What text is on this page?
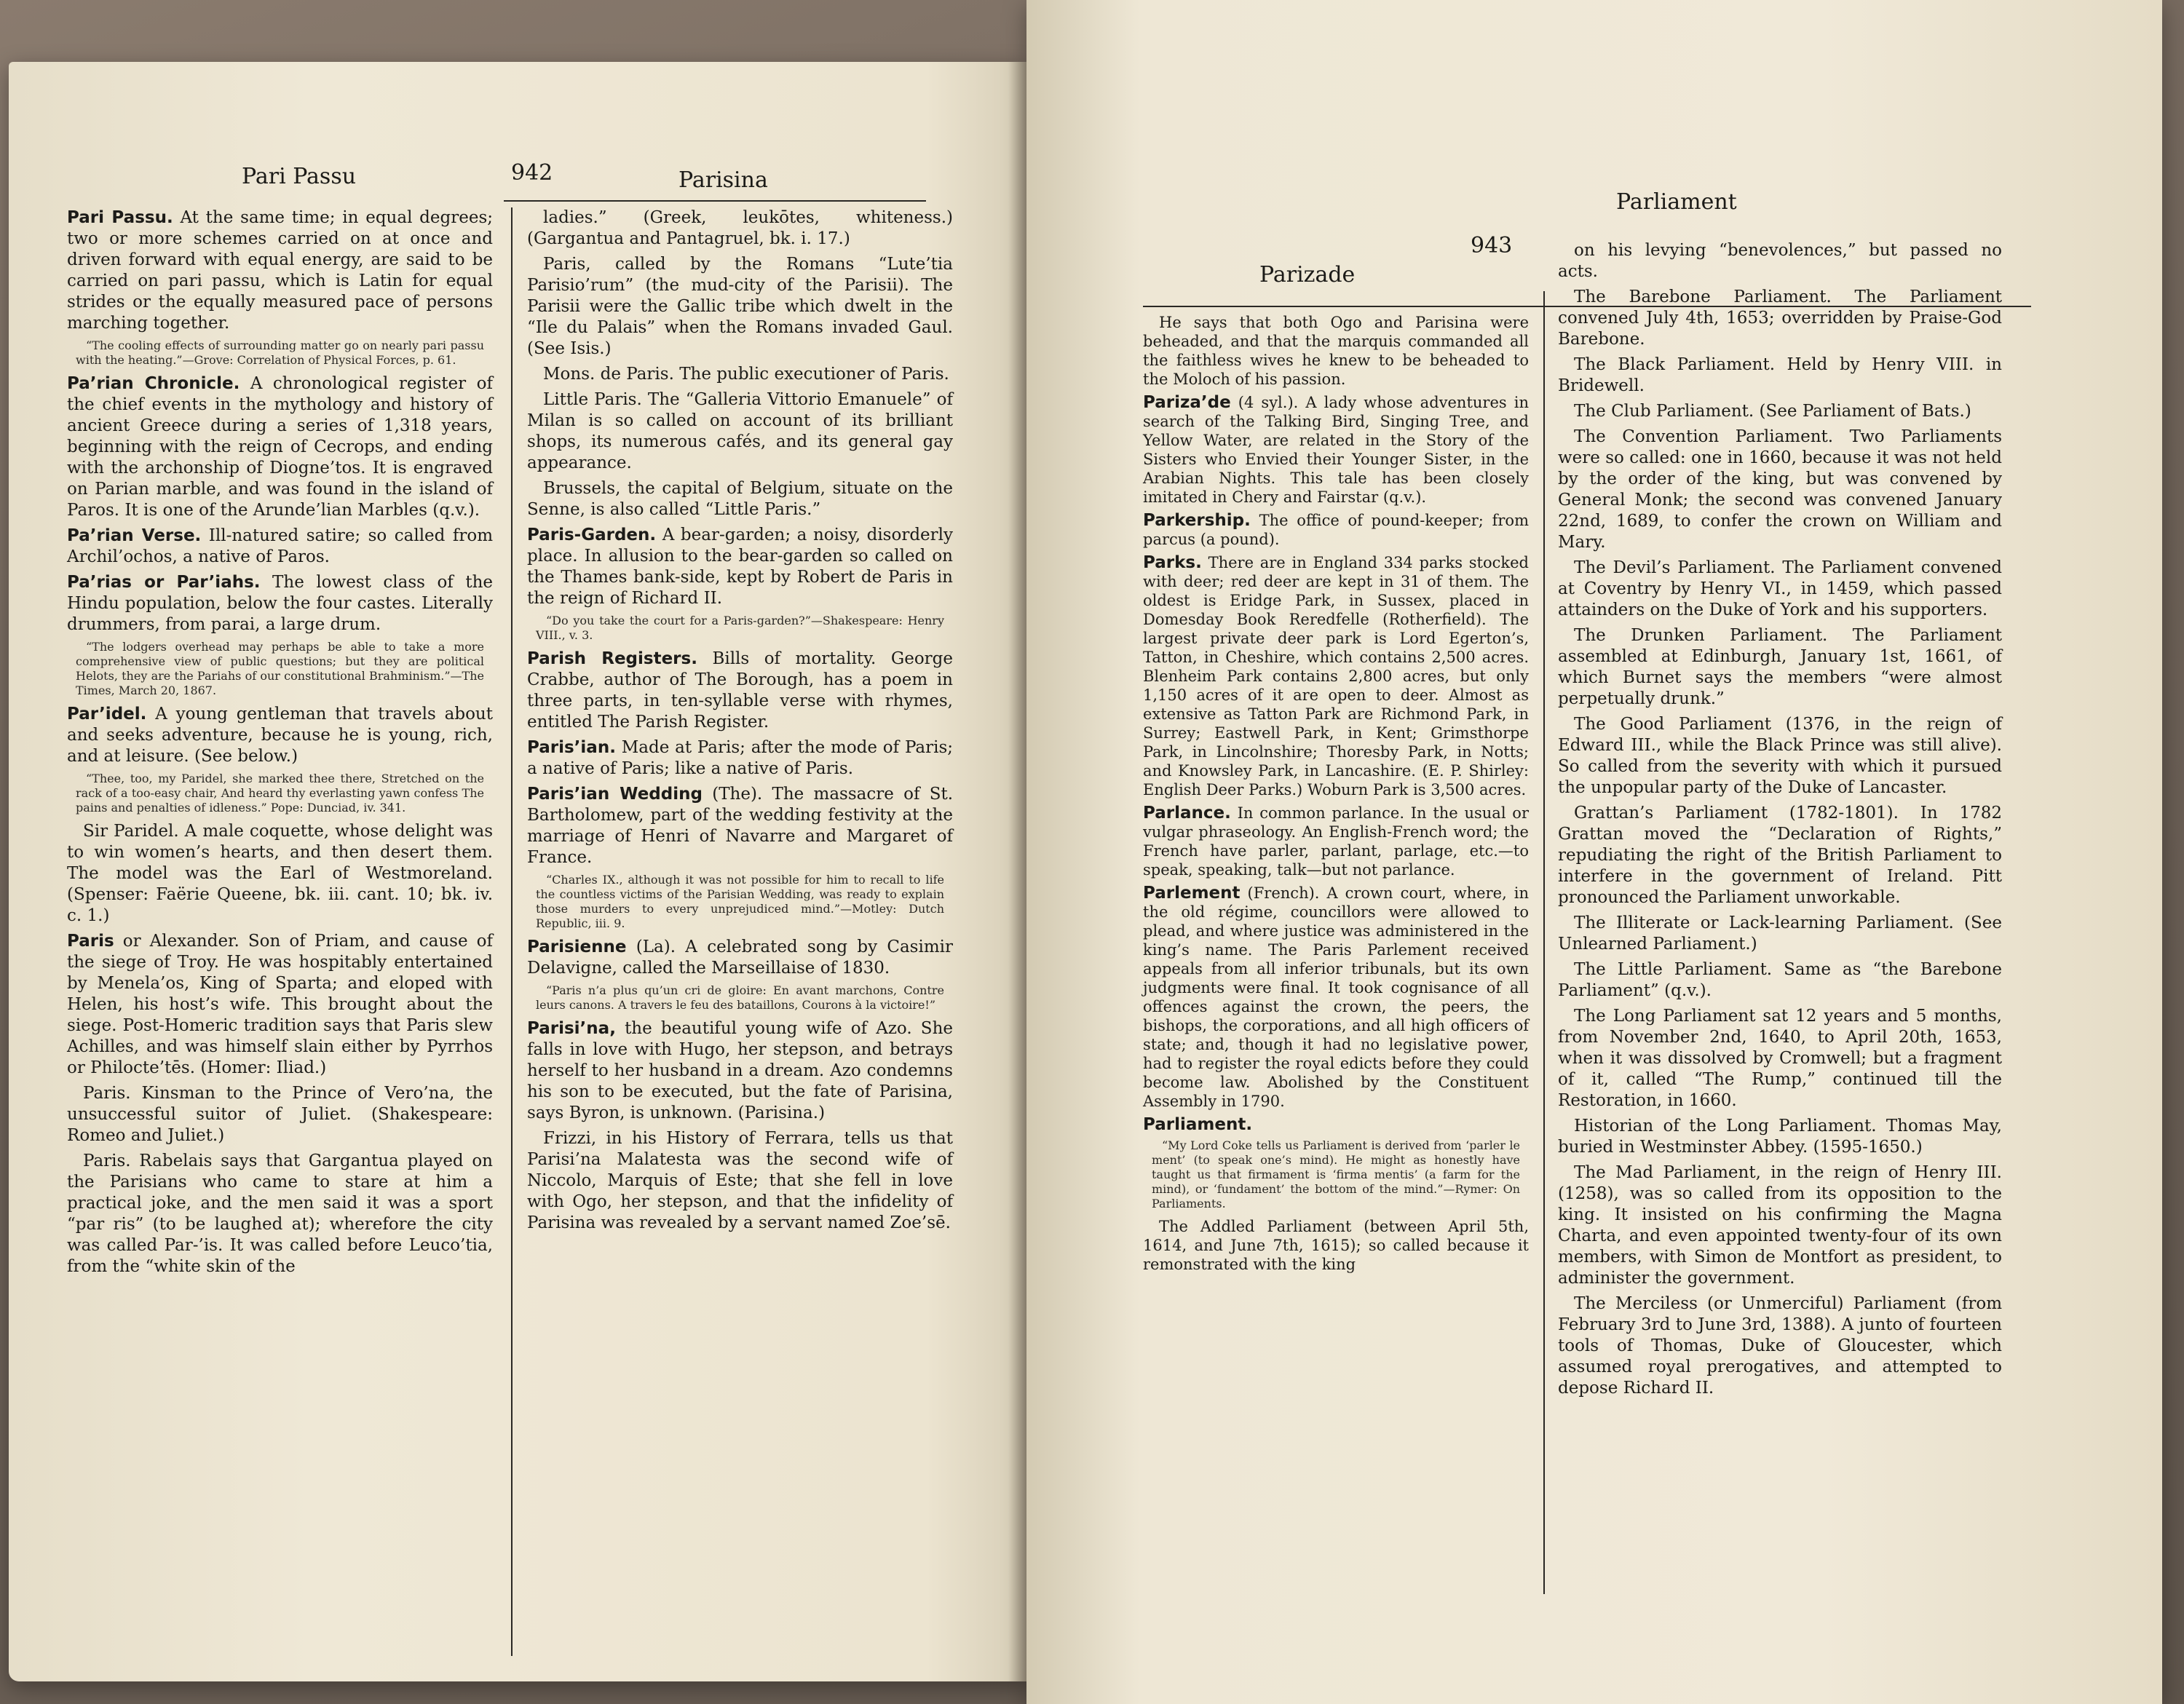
Pari Passu	942	Parisina

Pari Passu. At the same time; in equal degrees; two or more schemes carried on at once and driven forward with equal energy, are said to be carried on pari passu, which is Latin for equal strides or the equally measured pace of persons marching together.

“The cooling effects of surrounding matter go on nearly pari passu with the heating.”—Grove: Correlation of Physical Forces, p. 61.

Pa’rian Chronicle. A chronological register of the chief events in the mythology and history of ancient Greece during a series of 1,318 years, beginning with the reign of Cecrops, and ending with the archonship of Diogne’tos. It is engraved on Parian marble, and was found in the island of Paros. It is one of the Arunde’lian Marbles (q.v.).

Pa’rian Verse. Ill-natured satire; so called from Archil’ochos, a native of Paros.

Pa’rias or Par’iahs. The lowest class of the Hindu population, below the four castes. Literally drummers, from parai, a large drum.

“The lodgers overhead may perhaps be able to take a more comprehensive view of public questions; but they are political Helots, they are the Pariahs of our constitutional Brahminism.”—The Times, March 20, 1867.

Par’idel. A young gentleman that travels about and seeks adventure, because he is young, rich, and at leisure. (See below.)

“Thee, too, my Paridel, she marked thee there, Stretched on the rack of a too-easy chair, And heard thy everlasting yawn confess The pains and penalties of idleness.” Pope: Dunciad, iv. 341.

Sir Paridel. A male coquette, whose delight was to win women’s hearts, and then desert them. The model was the Earl of Westmoreland. (Spenser: Faërie Queene, bk. iii. cant. 10; bk. iv. c. 1.)

Paris or Alexander. Son of Priam, and cause of the siege of Troy. He was hospitably entertained by Menela’os, King of Sparta; and eloped with Helen, his host’s wife. This brought about the siege. Post-Homeric tradition says that Paris slew Achilles, and was himself slain either by Pyrrhos or Philocte’tēs. (Homer: Iliad.)

Paris. Kinsman to the Prince of Vero’na, the unsuccessful suitor of Juliet. (Shakespeare: Romeo and Juliet.)

Paris. Rabelais says that Gargantua played on the Parisians who came to stare at him a practical joke, and the men said it was a sport “par ris” (to be laughed at); wherefore the city was called Par-’is. It was called before Leuco’tia, from the “white skin of the

ladies.” (Greek, leukōtes, whiteness.) (Gargantua and Pantagruel, bk. i. 17.)

Paris, called by the Romans “Lute’tia Parisio’rum” (the mud-city of the Parisii). The Parisii were the Gallic tribe which dwelt in the “Ile du Palais” when the Romans invaded Gaul. (See Isis.)

Mons. de Paris. The public executioner of Paris.

Little Paris. The “Galleria Vittorio Emanuele” of Milan is so called on account of its brilliant shops, its numerous cafés, and its general gay appearance.

Brussels, the capital of Belgium, situate on the Senne, is also called “Little Paris.”

Paris-Garden. A bear-garden; a noisy, disorderly place. In allusion to the bear-garden so called on the Thames bank-side, kept by Robert de Paris in the reign of Richard II.

“Do you take the court for a Paris-garden?”—Shakespeare: Henry VIII., v. 3.

Parish Registers. Bills of mortality. George Crabbe, author of The Borough, has a poem in three parts, in ten-syllable verse with rhymes, entitled The Parish Register.

Paris’ian. Made at Paris; after the mode of Paris; a native of Paris; like a native of Paris.

Paris’ian Wedding (The). The massacre of St. Bartholomew, part of the wedding festivity at the marriage of Henri of Navarre and Margaret of France.

“Charles IX., although it was not possible for him to recall to life the countless victims of the Parisian Wedding, was ready to explain those murders to every unprejudiced mind.”—Motley: Dutch Republic, iii. 9.

Parisienne (La). A celebrated song by Casimir Delavigne, called the Marseillaise of 1830.

“Paris n’a plus qu’un cri de gloire: En avant marchons, Contre leurs canons. A travers le feu des bataillons, Courons à la victoire!”

Parisi’na, the beautiful young wife of Azo. She falls in love with Hugo, her stepson, and betrays herself to her husband in a dream. Azo condemns his son to be executed, but the fate of Parisina, says Byron, is unknown. (Parisina.)

Frizzi, in his History of Ferrara, tells us that Parisi’na Malatesta was the second wife of Niccolo, Marquis of Este; that she fell in love with Ogo, her stepson, and that the infidelity of Parisina was revealed by a servant named Zoe’sē.

Parizade
943
Parliament

He says that both Ogo and Parisina were beheaded, and that the marquis commanded all the faithless wives he knew to be beheaded to the Moloch of his passion.

Pariza’de (4 syl.). A lady whose adventures in search of the Talking Bird, Singing Tree, and Yellow Water, are related in the Story of the Sisters who Envied their Younger Sister, in the Arabian Nights. This tale has been closely imitated in Chery and Fairstar (q.v.).

Parkership. The office of pound-keeper; from parcus (a pound).

Parks. There are in England 334 parks stocked with deer; red deer are kept in 31 of them. The oldest is Eridge Park, in Sussex, placed in Domesday Book Reredfelle (Rotherfield). The largest private deer park is Lord Egerton’s, Tatton, in Cheshire, which contains 2,500 acres. Blenheim Park contains 2,800 acres, but only 1,150 acres of it are open to deer. Almost as extensive as Tatton Park are Richmond Park, in Surrey; Eastwell Park, in Kent; Grimsthorpe Park, in Lincolnshire; Thoresby Park, in Notts; and Knowsley Park, in Lancashire. (E. P. Shirley: English Deer Parks.) Woburn Park is 3,500 acres.

Parlance. In common parlance. In the usual or vulgar phraseology. An English-French word; the French have parler, parlant, parlage, etc.—to speak, speaking, talk—but not parlance.

Parlement (French). A crown court, where, in the old régime, councillors were allowed to plead, and where justice was administered in the king’s name. The Paris Parlement received appeals from all inferior tribunals, but its own judgments were final. It took cognisance of all offences against the crown, the peers, the bishops, the corporations, and all high officers of state; and, though it had no legislative power, had to register the royal edicts before they could become law. Abolished by the Constituent Assembly in 1790.

Parliament.

“My Lord Coke tells us Parliament is derived from ‘parler le ment’ (to speak one’s mind). He might as honestly have taught us that firmament is ‘firma mentis’ (a farm for the mind), or ‘fundament’ the bottom of the mind.”—Rymer: On Parliaments.

The Addled Parliament (between April 5th, 1614, and June 7th, 1615); so called because it remonstrated with the king

on his levying “benevolences,” but passed no acts.

The Barebone Parliament. The Parliament convened July 4th, 1653; overridden by Praise-God Barebone.

The Black Parliament. Held by Henry VIII. in Bridewell.

The Club Parliament. (See Parliament of Bats.)

The Convention Parliament. Two Parliaments were so called: one in 1660, because it was not held by the order of the king, but was convened by General Monk; the second was convened January 22nd, 1689, to confer the crown on William and Mary.

The Devil’s Parliament. The Parliament convened at Coventry by Henry VI., in 1459, which passed attainders on the Duke of York and his supporters.

The Drunken Parliament. The Parliament assembled at Edinburgh, January 1st, 1661, of which Burnet says the members “were almost perpetually drunk.”

The Good Parliament (1376, in the reign of Edward III., while the Black Prince was still alive). So called from the severity with which it pursued the unpopular party of the Duke of Lancaster.

Grattan’s Parliament (1782-1801). In 1782 Grattan moved the “Declaration of Rights,” repudiating the right of the British Parliament to interfere in the government of Ireland. Pitt pronounced the Parliament unworkable.

The Illiterate or Lack-learning Parliament. (See Unlearned Parliament.)

The Little Parliament. Same as “the Barebone Parliament” (q.v.).

The Long Parliament sat 12 years and 5 months, from November 2nd, 1640, to April 20th, 1653, when it was dissolved by Cromwell; but a fragment of it, called “The Rump,” continued till the Restoration, in 1660.

Historian of the Long Parliament. Thomas May, buried in Westminster Abbey. (1595-1650.)

The Mad Parliament, in the reign of Henry III. (1258), was so called from its opposition to the king. It insisted on his confirming the Magna Charta, and even appointed twenty-four of its own members, with Simon de Montfort as president, to administer the government.

The Merciless (or Unmerciful) Parliament (from February 3rd to June 3rd, 1388). A junto of fourteen tools of Thomas, Duke of Gloucester, which assumed royal prerogatives, and attempted to depose Richard II.
